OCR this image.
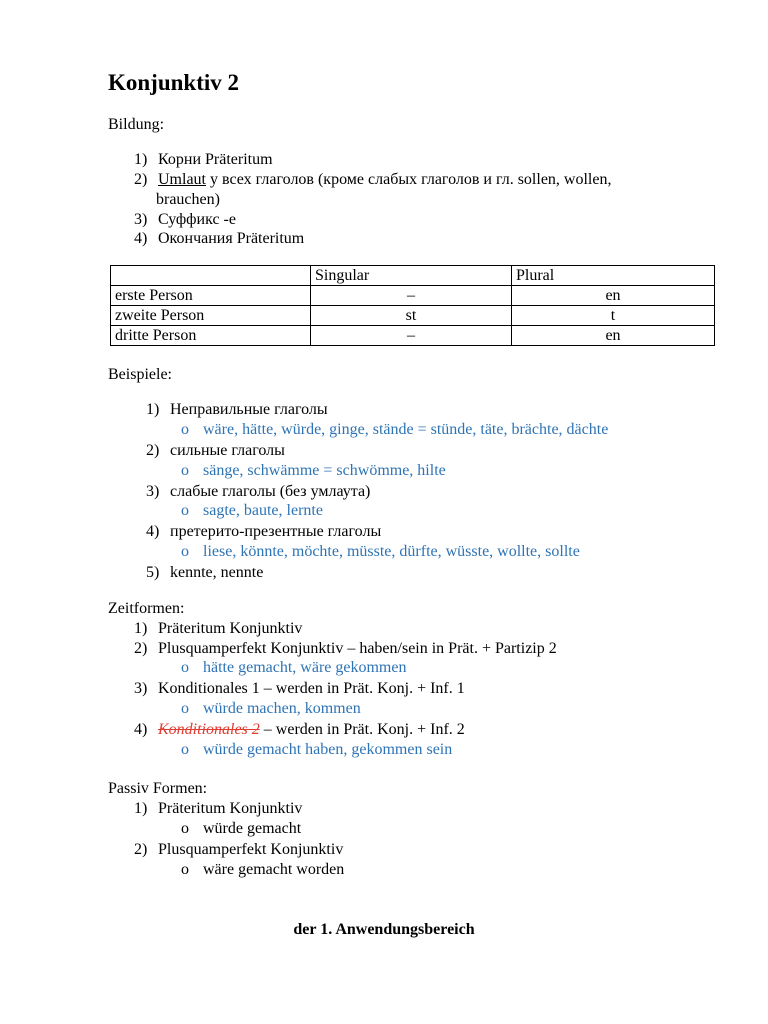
Konjunktiv 2
Bildung:
1) Корни Präteritum
2) Umlaut у всех глаголов (кроме слабых глаголов и гл. sollen, wollen,
brauchen)
3) Суффикс -e
4) Окончания Präteritum
	Singular	Plural
erste Person	–	en
zweite Person	st	t
dritte Person	–	en
Beispiele:
1) Неправильные глаголы
o wäre, hätte, würde, ginge, stände = stünde, täte, brächte, dächte
2) сильные глаголы
o sänge, schwämme = schwömme, hilte
3) слабые глаголы (без умлаута)
o sagte, baute, lernte
4) претерито-презентные глаголы
o liese, könnte, möchte, müsste, dürfte, wüsste, wollte, sollte
5) kennte, nennte
Zeitformen:
1) Präteritum Konjunktiv
2) Plusquamperfekt Konjunktiv – haben/sein in Prät. + Partizip 2
o hätte gemacht, wäre gekommen
3) Konditionales 1 – werden in Prät. Konj. + Inf. 1
o würde machen, kommen
4) Konditionales 2 – werden in Prät. Konj. + Inf. 2
o würde gemacht haben, gekommen sein
Passiv Formen:
1) Präteritum Konjunktiv
o würde gemacht
2) Plusquamperfekt Konjunktiv
o wäre gemacht worden
der 1. Anwendungsbereich
